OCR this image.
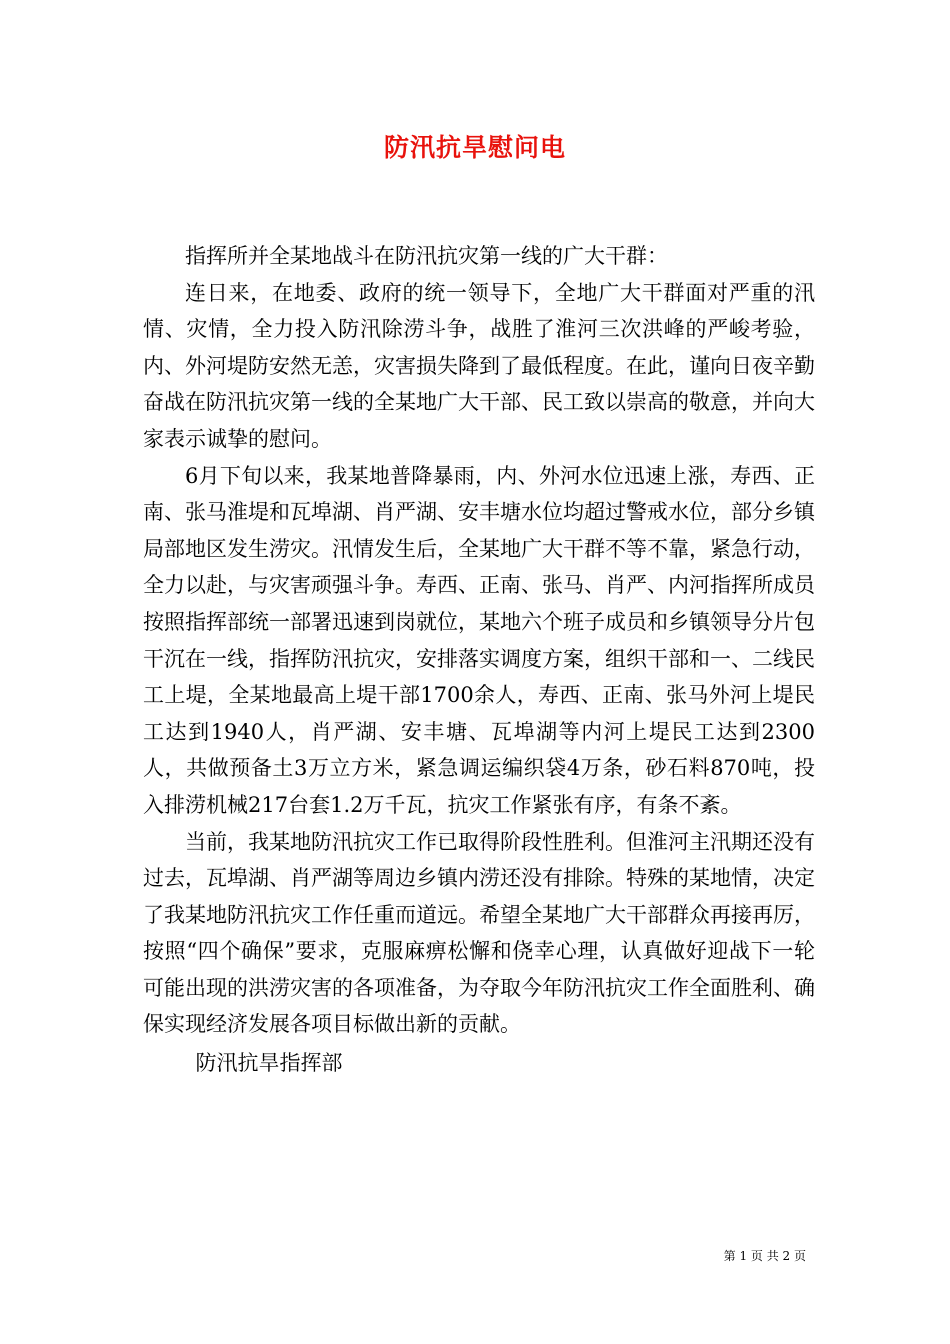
防汛抗旱慰问电

指挥所并全某地战斗在防汛抗灾第一线的广大干群：

连日来，在地委、政府的统一领导下，全地广大干群面对严重的汛情、灾情，全力投入防汛除涝斗争，战胜了淮河三次洪峰的严峻考验，内、外河堤防安然无恙，灾害损失降到了最低程度。在此，谨向日夜辛勤奋战在防汛抗灾第一线的全某地广大干部、民工致以崇高的敬意，并向大家表示诚挚的慰问。

6月下旬以来，我某地普降暴雨，内、外河水位迅速上涨，寿西、正南、张马淮堤和瓦埠湖、肖严湖、安丰塘水位均超过警戒水位，部分乡镇局部地区发生涝灾。汛情发生后，全某地广大干群不等不靠，紧急行动，全力以赴，与灾害顽强斗争。寿西、正南、张马、肖严、内河指挥所成员按照指挥部统一部署迅速到岗就位，某地六个班子成员和乡镇领导分片包干沉在一线，指挥防汛抗灾，安排落实调度方案，组织干部和一、二线民工上堤，全某地最高上堤干部1700余人，寿西、正南、张马外河上堤民工达到1940人，肖严湖、安丰塘、瓦埠湖等内河上堤民工达到2300人，共做预备土3万立方米，紧急调运编织袋4万条，砂石料870吨，投入排涝机械217台套1.2万千瓦，抗灾工作紧张有序，有条不紊。

当前，我某地防汛抗灾工作已取得阶段性胜利。但淮河主汛期还没有过去，瓦埠湖、肖严湖等周边乡镇内涝还没有排除。特殊的某地情，决定了我某地防汛抗灾工作任重而道远。希望全某地广大干部群众再接再厉，按照“四个确保”要求，克服麻痹松懈和侥幸心理，认真做好迎战下一轮可能出现的洪涝灾害的各项准备，为夺取今年防汛抗灾工作全面胜利、确保实现经济发展各项目标做出新的贡献。

防汛抗旱指挥部

第 1 页 共 2 页
